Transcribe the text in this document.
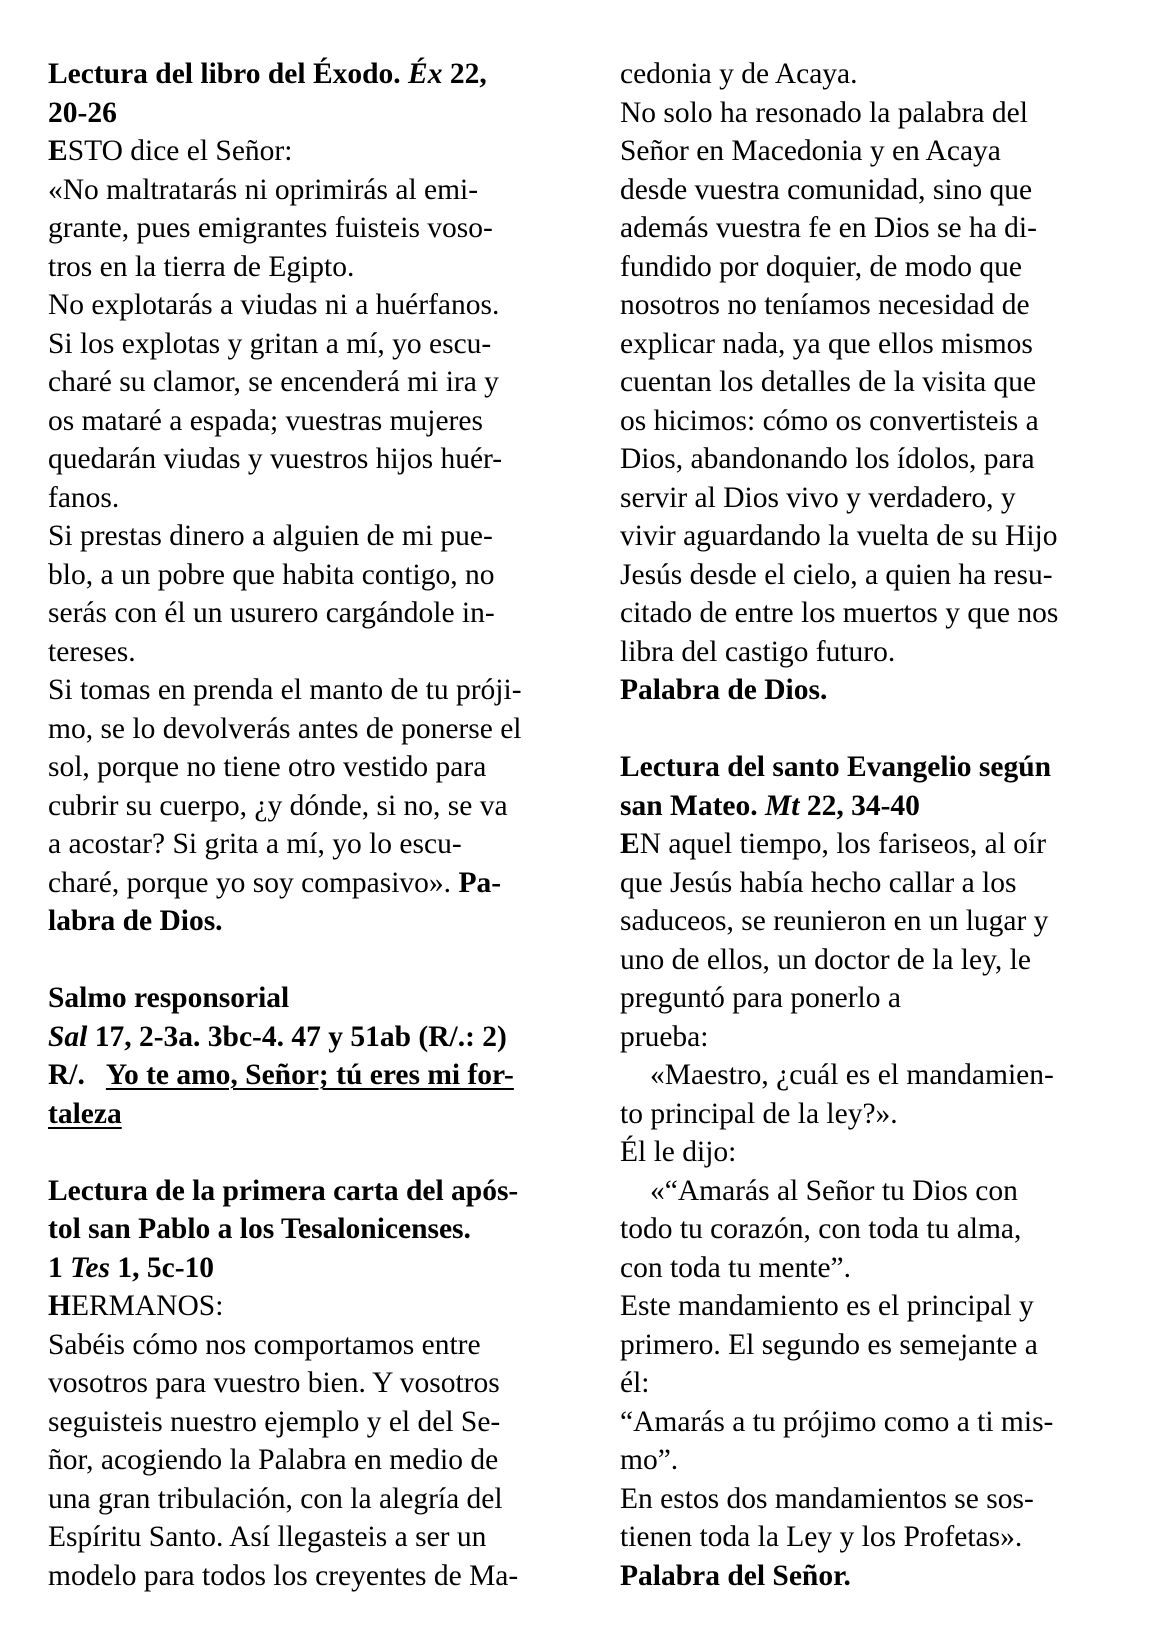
Lectura del libro del Éxodo. Éx 22,
20-26
ESTO dice el Señor:
«No maltratarás ni oprimirás al emi-
grante, pues emigrantes fuisteis voso-
tros en la tierra de Egipto.
No explotarás a viudas ni a huérfanos.
Si los explotas y gritan a mí, yo escu-
charé su clamor, se encenderá mi ira y
os mataré a espada; vuestras mujeres
quedarán viudas y vuestros hijos huér-
fanos.
Si prestas dinero a alguien de mi pue-
blo, a un pobre que habita contigo, no
serás con él un usurero cargándole in-
tereses.
Si tomas en prenda el manto de tu próji-
mo, se lo devolverás antes de ponerse el
sol, porque no tiene otro vestido para
cubrir su cuerpo, ¿y dónde, si no, se va
a acostar? Si grita a mí, yo lo escu-
charé, porque yo soy compasivo». Pa-
labra de Dios.
Salmo responsorial
Sal 17, 2-3a. 3bc-4. 47 y 51ab (R/.: 2)
R/. Yo te amo, Señor; tú eres mi for-
taleza
Lectura de la primera carta del após-
tol san Pablo a los Tesalonicenses.
1 Tes 1, 5c-10
HERMANOS:
Sabéis cómo nos comportamos entre
vosotros para vuestro bien. Y vosotros
seguisteis nuestro ejemplo y el del Se-
ñor, acogiendo la Palabra en medio de
una gran tribulación, con la alegría del
Espíritu Santo. Así llegasteis a ser un
modelo para todos los creyentes de Ma-
cedonia y de Acaya.
No solo ha resonado la palabra del
Señor en Macedonia y en Acaya
desde vuestra comunidad, sino que
además vuestra fe en Dios se ha di-
fundido por doquier, de modo que
nosotros no teníamos necesidad de
explicar nada, ya que ellos mismos
cuentan los detalles de la visita que
os hicimos: cómo os convertisteis a
Dios, abandonando los ídolos, para
servir al Dios vivo y verdadero, y
vivir aguardando la vuelta de su Hijo
Jesús desde el cielo, a quien ha resu-
citado de entre los muertos y que nos
libra del castigo futuro.
Palabra de Dios.
Lectura del santo Evangelio según
san Mateo. Mt 22, 34-40
EN aquel tiempo, los fariseos, al oír
que Jesús había hecho callar a los
saduceos, se reunieron en un lugar y
uno de ellos, un doctor de la ley, le
preguntó para ponerlo a
prueba:
«Maestro, ¿cuál es el mandamien-
to principal de la ley?».
Él le dijo:
«“Amarás al Señor tu Dios con
todo tu corazón, con toda tu alma,
con toda tu mente”.
Este mandamiento es el principal y
primero. El segundo es semejante a
él:
“Amarás a tu prójimo como a ti mis-
mo”.
En estos dos mandamientos se sos-
tienen toda la Ley y los Profetas».
Palabra del Señor.
